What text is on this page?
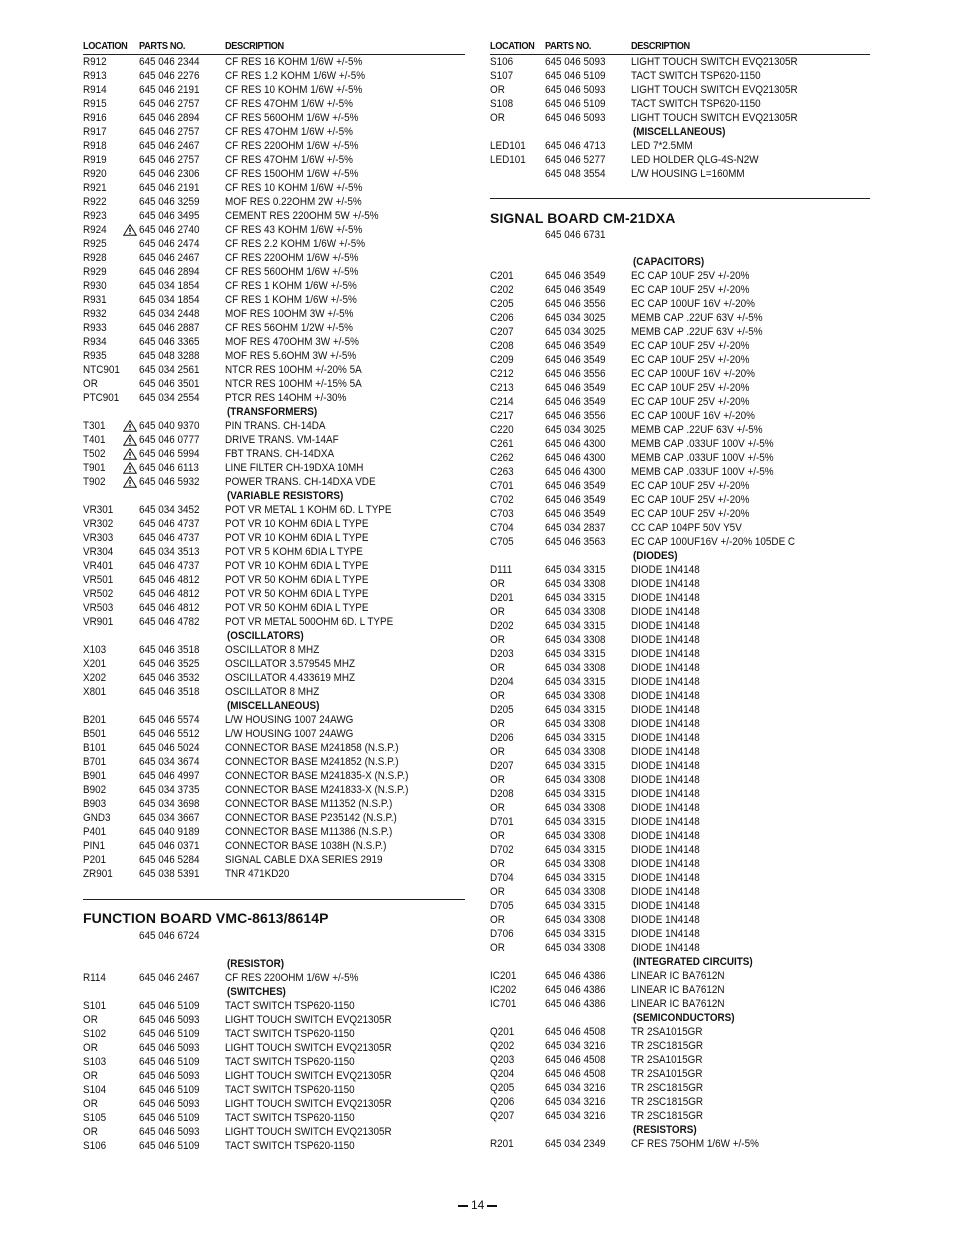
LOCATION PARTS NO.	DESCRIPTION
R912	645 046 2344 CF RES 16 KOHM 1/6W +/-5%
R913	645 046 2276 CF RES 1.2 KOHM 1/6W +/-5%
R914	645 046 2191 CF RES 10 KOHM 1/6W +/-5%
R915	645 046 2757 CF RES 47OHM 1/6W +/-5%
R916	645 046 2894 CF RES 560OHM 1/6W +/-5%
R917	645 046 2757 CF RES 47OHM 1/6W +/-5%
R918	645 046 2467 CF RES 220OHM 1/6W +/-5%
R919	645 046 2757 CF RES 47OHM 1/6W +/-5%
R920	645 046 2306 CF RES 150OHM 1/6W +/-5%
R921	645 046 2191 CF RES 10 KOHM 1/6W +/-5%
R922	645 046 3259 MOF RES 0.22OHM 2W +/-5%
R923	645 046 3495 CEMENT RES 220OHM 5W +/-5%
R924	645 046 2740 CF RES 43 KOHM 1/6W +/-5%
R925	645 046 2474 CF RES 2.2 KOHM 1/6W +/-5%
R928	645 046 2467 CF RES 220OHM 1/6W +/-5%
R929	645 046 2894 CF RES 560OHM 1/6W +/-5%
R930	645 034 1854 CF RES 1 KOHM 1/6W +/-5%
R931	645 034 1854 CF RES 1 KOHM 1/6W +/-5%
R932	645 034 2448 MOF RES 10OHM 3W +/-5%
R933	645 046 2887 CF RES 56OHM 1/2W +/-5%
R934	645 046 3365 MOF RES 470OHM 3W +/-5%
R935	645 048 3288 MOF RES 5.6OHM 3W +/-5%
NTC901 645 034 2561 NTCR RES 10OHM +/-20% 5A
OR	645 046 3501 NTCR RES 10OHM +/-15% 5A
PTC901 645 034 2554 PTCR RES 14OHM +/-30%
(TRANSFORMERS)
T301	645 040 9370 PIN TRANS. CH-14DA
T401	645 046 0777 DRIVE TRANS. VM-14AF
T502	645 046 5994 FBT TRANS. CH-14DXA
T901	645 046 6113 LINE FILTER CH-19DXA 10MH
T902	645 046 5932 POWER TRANS. CH-14DXA VDE
(VARIABLE RESISTORS)
VR301 645 034 3452 POT VR METAL 1 KOHM 6D. L TYPE
VR302 645 046 4737 POT VR 10 KOHM 6DIA L TYPE
VR303 645 046 4737 POT VR 10 KOHM 6DIA L TYPE
VR304 645 034 3513 POT VR 5 KOHM 6DIA L TYPE
VR401 645 046 4737 POT VR 10 KOHM 6DIA L TYPE
VR501 645 046 4812 POT VR 50 KOHM 6DIA L TYPE
VR502 645 046 4812 POT VR 50 KOHM 6DIA L TYPE
VR503 645 046 4812 POT VR 50 KOHM 6DIA L TYPE
VR901 645 046 4782 POT VR METAL 500OHM 6D. L TYPE
(OSCILLATORS)
X103	645 046 3518 OSCILLATOR 8 MHZ
X201	645 046 3525 OSCILLATOR 3.579545 MHZ
X202	645 046 3532 OSCILLATOR 4.433619 MHZ
X801	645 046 3518 OSCILLATOR 8 MHZ
(MISCELLANEOUS)
B201	645 046 5574 L/W HOUSING 1007 24AWG
B501	645 046 5512 L/W HOUSING 1007 24AWG
B101	645 046 5024 CONNECTOR BASE M241858 (N.S.P.)
B701	645 034 3674 CONNECTOR BASE M241852 (N.S.P.)
B901	645 046 4997 CONNECTOR BASE M241835-X (N.S.P.)
B902	645 034 3735 CONNECTOR BASE M241833-X (N.S.P.)
B903	645 034 3698 CONNECTOR BASE M11352 (N.S.P.)
GND3	645 034 3667 CONNECTOR BASE P235142 (N.S.P.)
P401	645 040 9189 CONNECTOR BASE M11386 (N.S.P.)
PIN1	645 046 0371 CONNECTOR BASE 1038H (N.S.P.)
P201	645 046 5284 SIGNAL CABLE DXA SERIES 2919
ZR901 645 038 5391 TNR 471KD20
FUNCTION BOARD VMC-8613/8614P
645 046 6724
(RESISTOR)
R114	645 046 2467 CF RES 220OHM 1/6W +/-5%
(SWITCHES)
S101	645 046 5109 TACT SWITCH TSP620-1150
OR	645 046 5093 LIGHT TOUCH SWITCH EVQ21305R
S102	645 046 5109 TACT SWITCH TSP620-1150
OR	645 046 5093 LIGHT TOUCH SWITCH EVQ21305R
S103	645 046 5109 TACT SWITCH TSP620-1150
OR	645 046 5093 LIGHT TOUCH SWITCH EVQ21305R
S104	645 046 5109 TACT SWITCH TSP620-1150
OR	645 046 5093 LIGHT TOUCH SWITCH EVQ21305R
S105	645 046 5109 TACT SWITCH TSP620-1150
OR	645 046 5093 LIGHT TOUCH SWITCH EVQ21305R
S106	645 046 5109 TACT SWITCH TSP620-1150
LOCATION PARTS NO.	DESCRIPTION
S106	645 046 5093 LIGHT TOUCH SWITCH EVQ21305R
S107	645 046 5109 TACT SWITCH TSP620-1150
OR	645 046 5093 LIGHT TOUCH SWITCH EVQ21305R
S108	645 046 5109 TACT SWITCH TSP620-1150
OR	645 046 5093 LIGHT TOUCH SWITCH EVQ21305R
(MISCELLANEOUS)
LED101 645 046 4713 LED 7*2.5MM
LED101 645 046 5277 LED HOLDER QLG-4S-N2W
645 048 3554 L/W HOUSING L=160MM
SIGNAL BOARD CM-21DXA
645 046 6731
(CAPACITORS)
C201	645 046 3549 EC CAP 10UF 25V +/-20%
C202	645 046 3549 EC CAP 10UF 25V +/-20%
C205	645 046 3556 EC CAP 100UF 16V +/-20%
C206	645 034 3025 MEMB CAP .22UF 63V +/-5%
C207	645 034 3025 MEMB CAP .22UF 63V +/-5%
C208	645 046 3549 EC CAP 10UF 25V +/-20%
C209	645 046 3549 EC CAP 10UF 25V +/-20%
C212	645 046 3556 EC CAP 100UF 16V +/-20%
C213	645 046 3549 EC CAP 10UF 25V +/-20%
C214	645 046 3549 EC CAP 10UF 25V +/-20%
C217	645 046 3556 EC CAP 100UF 16V +/-20%
C220	645 034 3025 MEMB CAP .22UF 63V +/-5%
C261	645 046 4300 MEMB CAP .033UF 100V +/-5%
C262	645 046 4300 MEMB CAP .033UF 100V +/-5%
C263	645 046 4300 MEMB CAP .033UF 100V +/-5%
C701	645 046 3549 EC CAP 10UF 25V +/-20%
C702	645 046 3549 EC CAP 10UF 25V +/-20%
C703	645 046 3549 EC CAP 10UF 25V +/-20%
C704	645 034 2837 CC CAP 104PF 50V Y5V
C705	645 046 3563 EC CAP 100UF16V +/-20% 105DE C
(DIODES)
D111	645 034 3315 DIODE 1N4148
OR	645 034 3308 DIODE 1N4148
D201	645 034 3315 DIODE 1N4148
OR	645 034 3308 DIODE 1N4148
D202	645 034 3315 DIODE 1N4148
OR	645 034 3308 DIODE 1N4148
D203	645 034 3315 DIODE 1N4148
OR	645 034 3308 DIODE 1N4148
D204	645 034 3315 DIODE 1N4148
OR	645 034 3308 DIODE 1N4148
D205	645 034 3315 DIODE 1N4148
OR	645 034 3308 DIODE 1N4148
D206	645 034 3315 DIODE 1N4148
OR	645 034 3308 DIODE 1N4148
D207	645 034 3315 DIODE 1N4148
OR	645 034 3308 DIODE 1N4148
D208	645 034 3315 DIODE 1N4148
OR	645 034 3308 DIODE 1N4148
D701	645 034 3315 DIODE 1N4148
OR	645 034 3308 DIODE 1N4148
D702	645 034 3315 DIODE 1N4148
OR	645 034 3308 DIODE 1N4148
D704	645 034 3315 DIODE 1N4148
OR	645 034 3308 DIODE 1N4148
D705	645 034 3315 DIODE 1N4148
OR	645 034 3308 DIODE 1N4148
D706	645 034 3315 DIODE 1N4148
OR	645 034 3308 DIODE 1N4148
(INTEGRATED CIRCUITS)
IC201	645 046 4386 LINEAR IC BA7612N
IC202	645 046 4386 LINEAR IC BA7612N
IC701	645 046 4386 LINEAR IC BA7612N
(SEMICONDUCTORS)
Q201	645 046 4508 TR 2SA1015GR
Q202	645 034 3216 TR 2SC1815GR
Q203	645 046 4508 TR 2SA1015GR
Q204	645 046 4508 TR 2SA1015GR
Q205	645 034 3216 TR 2SC1815GR
Q206	645 034 3216 TR 2SC1815GR
Q207	645 034 3216 TR 2SC1815GR
(RESISTORS)
R201	645 034 2349 CF RES 75OHM 1/6W +/-5%
14
